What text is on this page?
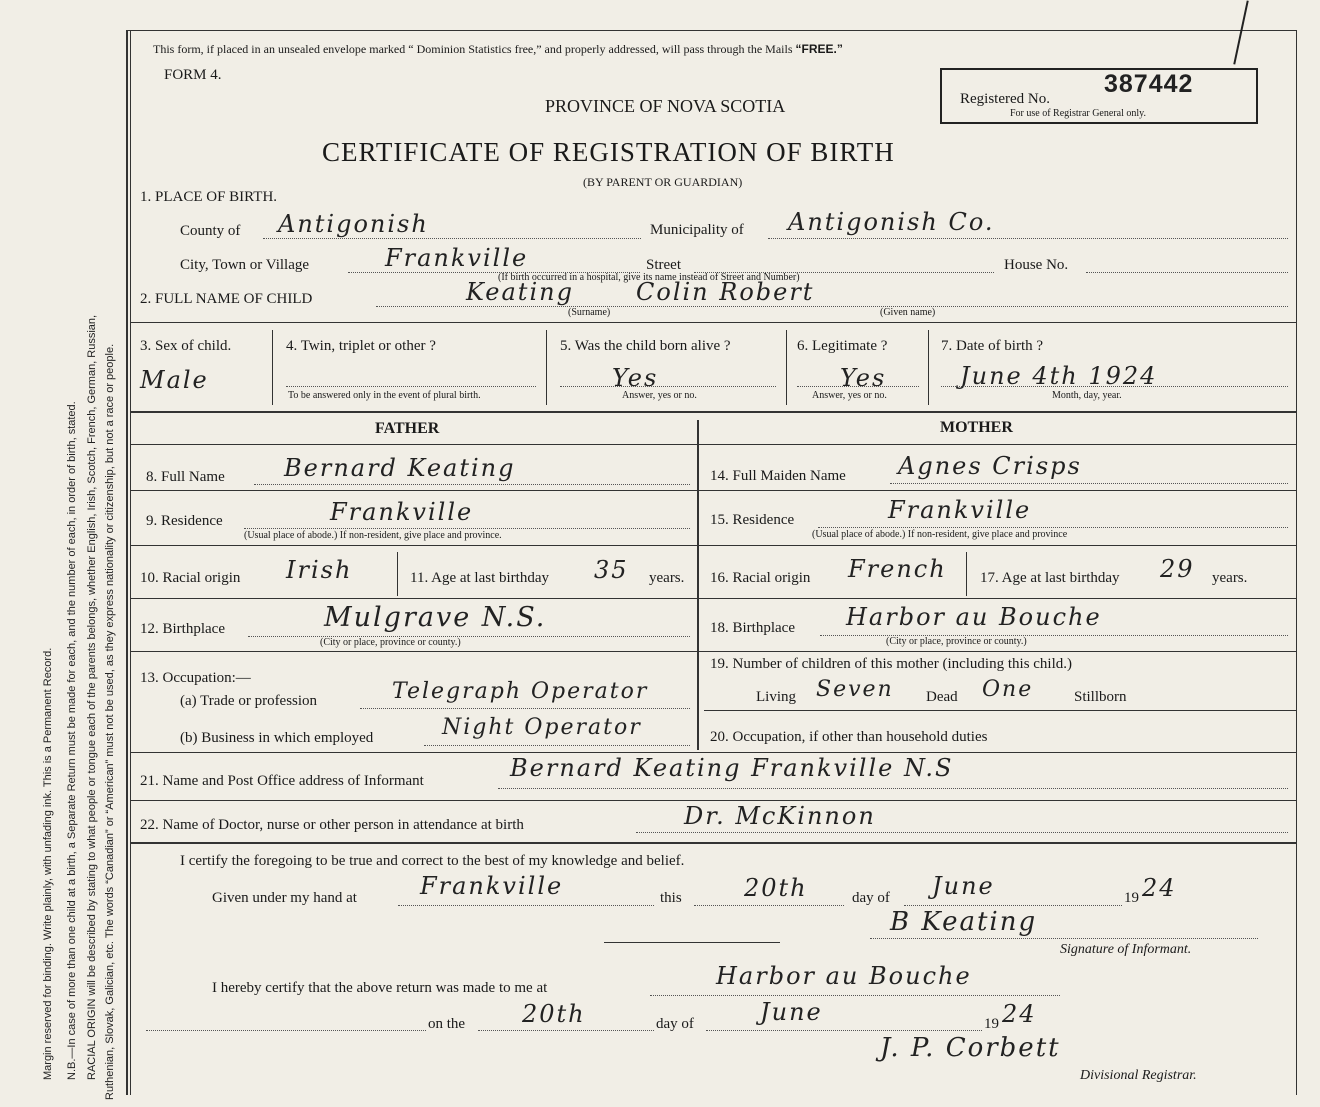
Margin reserved for binding. Write plainly, with unfading ink. This is a Permanent Record. N.B.—In case of more than one child at a birth, a Separate Return must be made for each, and the number of each, in order of birth, stated. RACIAL ORIGIN will be described by stating to what people or tongue each of the parents belongs, whether English, Irish, Scotch, French, German, Russian, Ruthenian, Slovak, Galician, etc. The words “Canadian” or “American” must not be used, as they express nationality or citizenship, but not a race or people.
This form, if placed in an unsealed envelope marked “ Dominion Statistics free,” and properly addressed, will pass through the Mails “FREE.”
FORM 4.
PROVINCE OF NOVA SCOTIA
CERTIFICATE OF REGISTRATION OF BIRTH
(BY PARENT OR GUARDIAN)
Registered No.
387442
For use of Registrar General only.
1. PLACE OF BIRTH.
County of Antigonish	Municipality of Antigonish Co.
City, Town or Village	Frankville	Street	House No.
(If birth occurred in a hospital, give its name instead of Street and Number)
2. FULL NAME OF CHILD	Keating	Colin Robert
(Surname)	(Given name)
3. Sex of child.
Male
4. Twin, triplet or other ?
To be answered only in the event of plural birth.
5. Was the child born alive ?
Yes
Answer, yes or no.
6. Legitimate ?
Yes
Answer, yes or no.
7. Date of birth ?
June 4th 1924
Month, day, year.
FATHER	MOTHER
8. Full Name Bernard Keating
9. Residence	Frankville
(Usual place of abode.) If non-resident, give place and province.
10. Racial origin Irish	11. Age at last birthday 35 years.
12. Birthplace	Mulgrave N.S.
(City or place, province or county.)
13. Occupation:—
(a) Trade or profession	Telegraph Operator
(b) Business in which employed	Night Operator
14. Full Maiden Name Agnes Crisps
15. Residence	Frankville
(Usual place of abode.) If non-resident, give place and province
16. Racial origin French 17. Age at last birthday 29 years.
18. Birthplace Harbor au Bouche
(City or place, province or county.)
19. Number of children of this mother (including this child.)
Living Seven Dead One	Stillborn
20. Occupation, if other than household duties
21. Name and Post Office address of Informant	Bernard Keating Frankville N.S
22. Name of Doctor, nurse or other person in attendance at birth	Dr. McKinnon
I certify the foregoing to be true and correct to the best of my knowledge and belief.
Given under my hand at	Frankville	this	20th	day of June	19 24
B Keating
Signature of Informant.
I hereby certify that the above return was made to me at	Harbor au Bouche
on the 20th	day of	June	19 24
J. P. Corbett
Divisional Registrar.
